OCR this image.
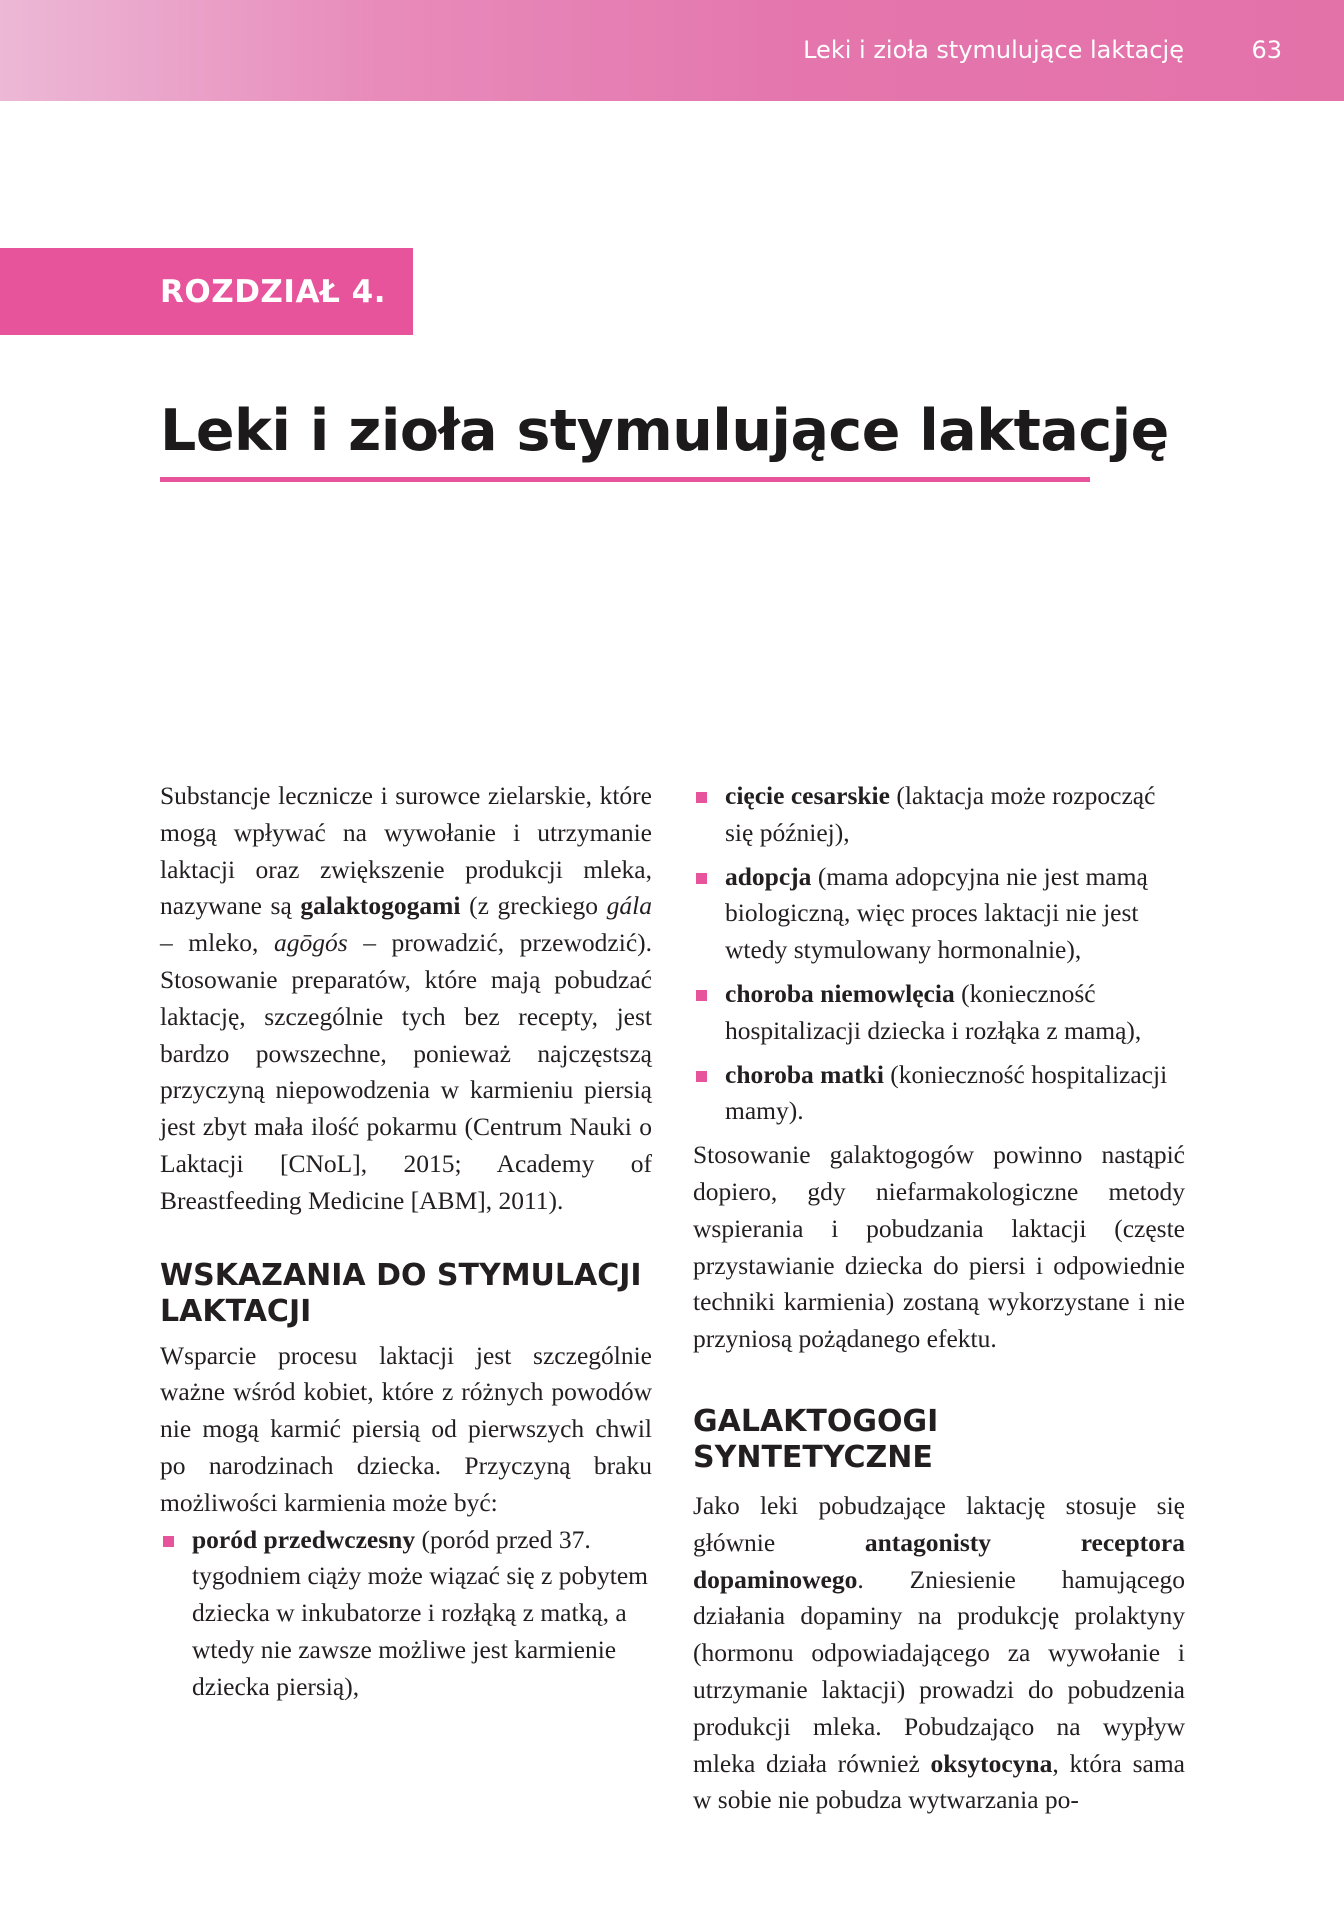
Leki i zioła stymulujące laktację	63
ROZDZIAŁ 4.
Leki i zioła stymulujące laktację

Substancje lecznicze i surowce zielarskie, które mogą wpływać na wywołanie i utrzymanie laktacji oraz zwiększenie produkcji mleka, nazywane są galaktogogami (z greckiego gála – mleko, agōgós – prowadzić, przewodzić). Stosowanie preparatów, które mają pobudzać laktację, szczególnie tych bez recepty, jest bardzo powszechne, ponieważ najczęstszą przyczyną niepowodzenia w karmieniu piersią jest zbyt mała ilość pokarmu (Centrum Nauki o Laktacji [CNoL], 2015; Academy of Breastfeeding Medicine [ABM], 2011).

WSKAZANIA DO STYMULACJI LAKTACJI

Wsparcie procesu laktacji jest szczególnie ważne wśród kobiet, które z różnych powodów nie mogą karmić piersią od pierwszych chwil po narodzinach dziecka. Przyczyną braku możliwości karmienia może być:

poród przedwczesny (poród przed 37. tygodniem ciąży może wiązać się z pobytem dziecka w inkubatorze i rozłąką z matką, a wtedy nie zawsze możliwe jest karmienie dziecka piersią),
cięcie cesarskie (laktacja może rozpocząć się później),
adopcja (mama adopcyjna nie jest mamą biologiczną, więc proces laktacji nie jest wtedy stymulowany hormonalnie),
choroba niemowlęcia (konieczność hospitalizacji dziecka i rozłąka z mamą),
choroba matki (konieczność hospitalizacji mamy).

Stosowanie galaktogogów powinno nastąpić dopiero, gdy niefarmakologiczne metody wspierania i pobudzania laktacji (częste przystawianie dziecka do piersi i odpowiednie techniki karmienia) zostaną wykorzystane i nie przyniosą pożądanego efektu.

GALAKTOGOGI SYNTETYCZNE

Jako leki pobudzające laktację stosuje się głównie antagonisty receptora dopaminowego. Zniesienie hamującego działania dopaminy na produkcję prolaktyny (hormonu odpowiadającego za wywołanie i utrzymanie laktacji) prowadzi do pobudzenia produkcji mleka. Pobudzająco na wypływ mleka działa również oksytocyna, która sama w sobie nie pobudza wytwarzania po-
